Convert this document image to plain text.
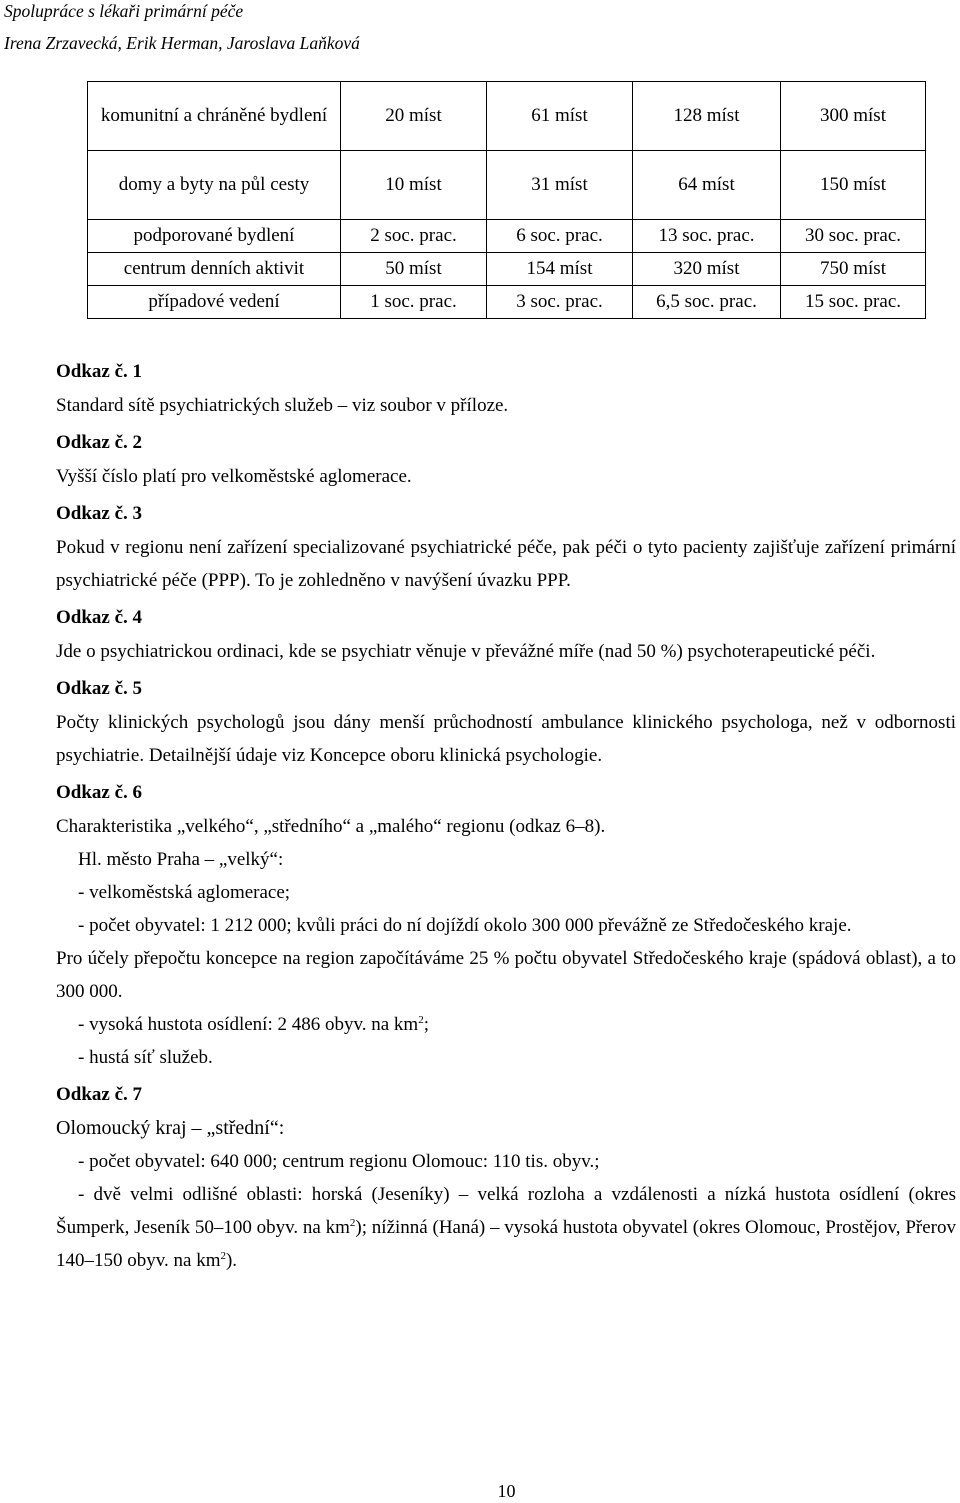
Spolupráce s lékaři primární péče
Irena Zrzavecká, Erik Herman, Jaroslava Laňková
komunitní a chráněné bydlení	20 míst	61 míst	128 míst	300 míst
domy a byty na půl cesty	10 míst	31 míst	64 míst	150 míst
podporované bydlení	2 soc. prac.	6 soc. prac.	13 soc. prac.	30 soc. prac.
centrum denních aktivit	50 míst	154 míst	320 míst	750 míst
případové vedení	1 soc. prac.	3 soc. prac.	6,5 soc. prac.	15 soc. prac.
Odkaz č. 1

Standard sítě psychiatrických služeb – viz soubor v příloze.

Odkaz č. 2

Vyšší číslo platí pro velkoměstské aglomerace.

Odkaz č. 3

Pokud v regionu není zařízení specializované psychiatrické péče, pak péči o tyto pacienty zajišťuje zařízení primární psychiatrické péče (PPP). To je zohledněno v navýšení úvazku PPP.

Odkaz č. 4

Jde o psychiatrickou ordinaci, kde se psychiatr věnuje v převážné míře (nad 50 %) psychoterapeutické péči.

Odkaz č. 5

Počty klinických psychologů jsou dány menší průchodností ambulance klinického psychologa, než v odbornosti psychiatrie. Detailnější údaje viz Koncepce oboru klinická psychologie.

Odkaz č. 6

Charakteristika „velkého“, „středního“ a „malého“ regionu (odkaz 6–8).

Hl. město Praha – „velký“:

- velkoměstská aglomerace;

- počet obyvatel: 1 212 000; kvůli práci do ní dojíždí okolo 300 000 převážně ze Středočeského kraje.

Pro účely přepočtu koncepce na region započítáváme 25 % počtu obyvatel Středočeského kraje (spádová oblast), a to 300 000.

- vysoká hustota osídlení: 2 486 obyv. na $km^2$;

- hustá síť služeb.

Odkaz č. 7

Olomoucký kraj – „střední“:

- počet obyvatel: 640 000; centrum regionu Olomouc: 110 tis. obyv.;

- dvě velmi odlišné oblasti: horská (Jeseníky) – velká rozloha a vzdálenosti a nízká hustota osídlení (okres Šumperk, Jeseník 50–100 obyv. na $km^2$); nížinná (Haná) – vysoká hustota obyvatel (okres Olomouc, Prostějov, Přerov 140–150 obyv. na $km^2$).

10
